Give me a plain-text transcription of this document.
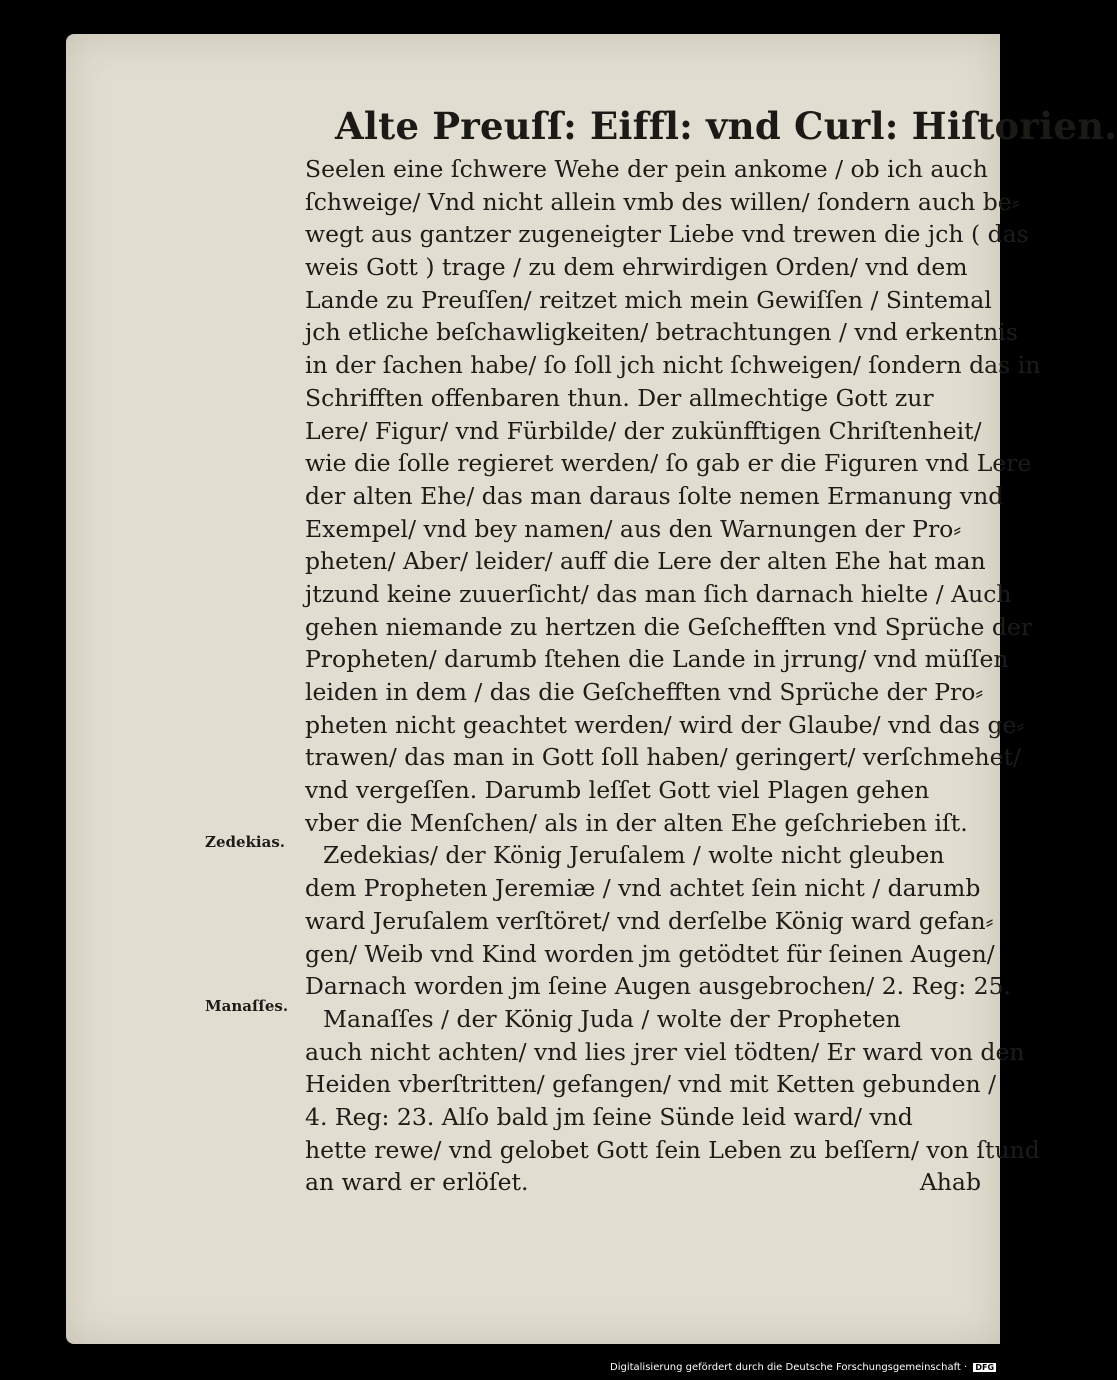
Alte Preuſſ: Eiffl: vnd Curl: Hiſtorien.
Zedekias.
Manaſſes.
Seelen eine ſchwere Wehe der pein ankome / ob ich auch
ſchweige/ Vnd nicht allein vmb des willen/ ſondern auch be⸗
wegt aus gantzer zugeneigter Liebe vnd trewen die jch ( das
weis Gott ) trage / zu dem ehrwirdigen Orden/ vnd dem
Lande zu Preuſſen/ reitzet mich mein Gewiſſen / Sintemal
jch etliche beſchawligkeiten/ betrachtungen / vnd erkentnis
in der ſachen habe/ ſo ſoll jch nicht ſchweigen/ ſondern das in
Schrifften offenbaren thun. Der allmechtige Gott zur
Lere/ Figur/ vnd Fürbilde/ der zukünfftigen Chriſtenheit/
wie die ſolle regieret werden/ ſo gab er die Figuren vnd Lere
der alten Ehe/ das man daraus ſolte nemen Ermanung vnd
Exempel/ vnd bey namen/ aus den Warnungen der Pro⸗
pheten/ Aber/ leider/ auff die Lere der alten Ehe hat man
jtzund keine zuuerſicht/ das man ſich darnach hielte / Auch
gehen niemande zu hertzen die Geſchefften vnd Sprüche der
Propheten/ darumb ſtehen die Lande in jrrung/ vnd müſſen
leiden in dem / das die Geſchefften vnd Sprüche der Pro⸗
pheten nicht geachtet werden/ wird der Glaube/ vnd das ge⸗
trawen/ das man in Gott ſoll haben/ geringert/ verſchmehet/
vnd vergeſſen. Darumb leſſet Gott viel Plagen gehen
vber die Menſchen/ als in der alten Ehe geſchrieben iſt.
Zedekias/ der König Jeruſalem / wolte nicht gleuben
dem Propheten Jeremiæ / vnd achtet ſein nicht / darumb
ward Jeruſalem verſtöret/ vnd derſelbe König ward gefan⸗
gen/ Weib vnd Kind worden jm getödtet für ſeinen Augen/
Darnach worden jm ſeine Augen ausgebrochen/ 2. Reg: 25.
Manaſſes / der König Juda / wolte der Propheten
auch nicht achten/ vnd lies jrer viel tödten/ Er ward von den
Heiden vberſtritten/ gefangen/ vnd mit Ketten gebunden /
4. Reg: 23. Alſo bald jm ſeine Sünde leid ward/ vnd
hette rewe/ vnd gelobet Gott ſein Leben zu beſſern/ von ſtund
an ward er erlöſet.	Ahab
Digitalisierung gefördert durch die Deutsche Forschungsgemeinschaft · DFG
